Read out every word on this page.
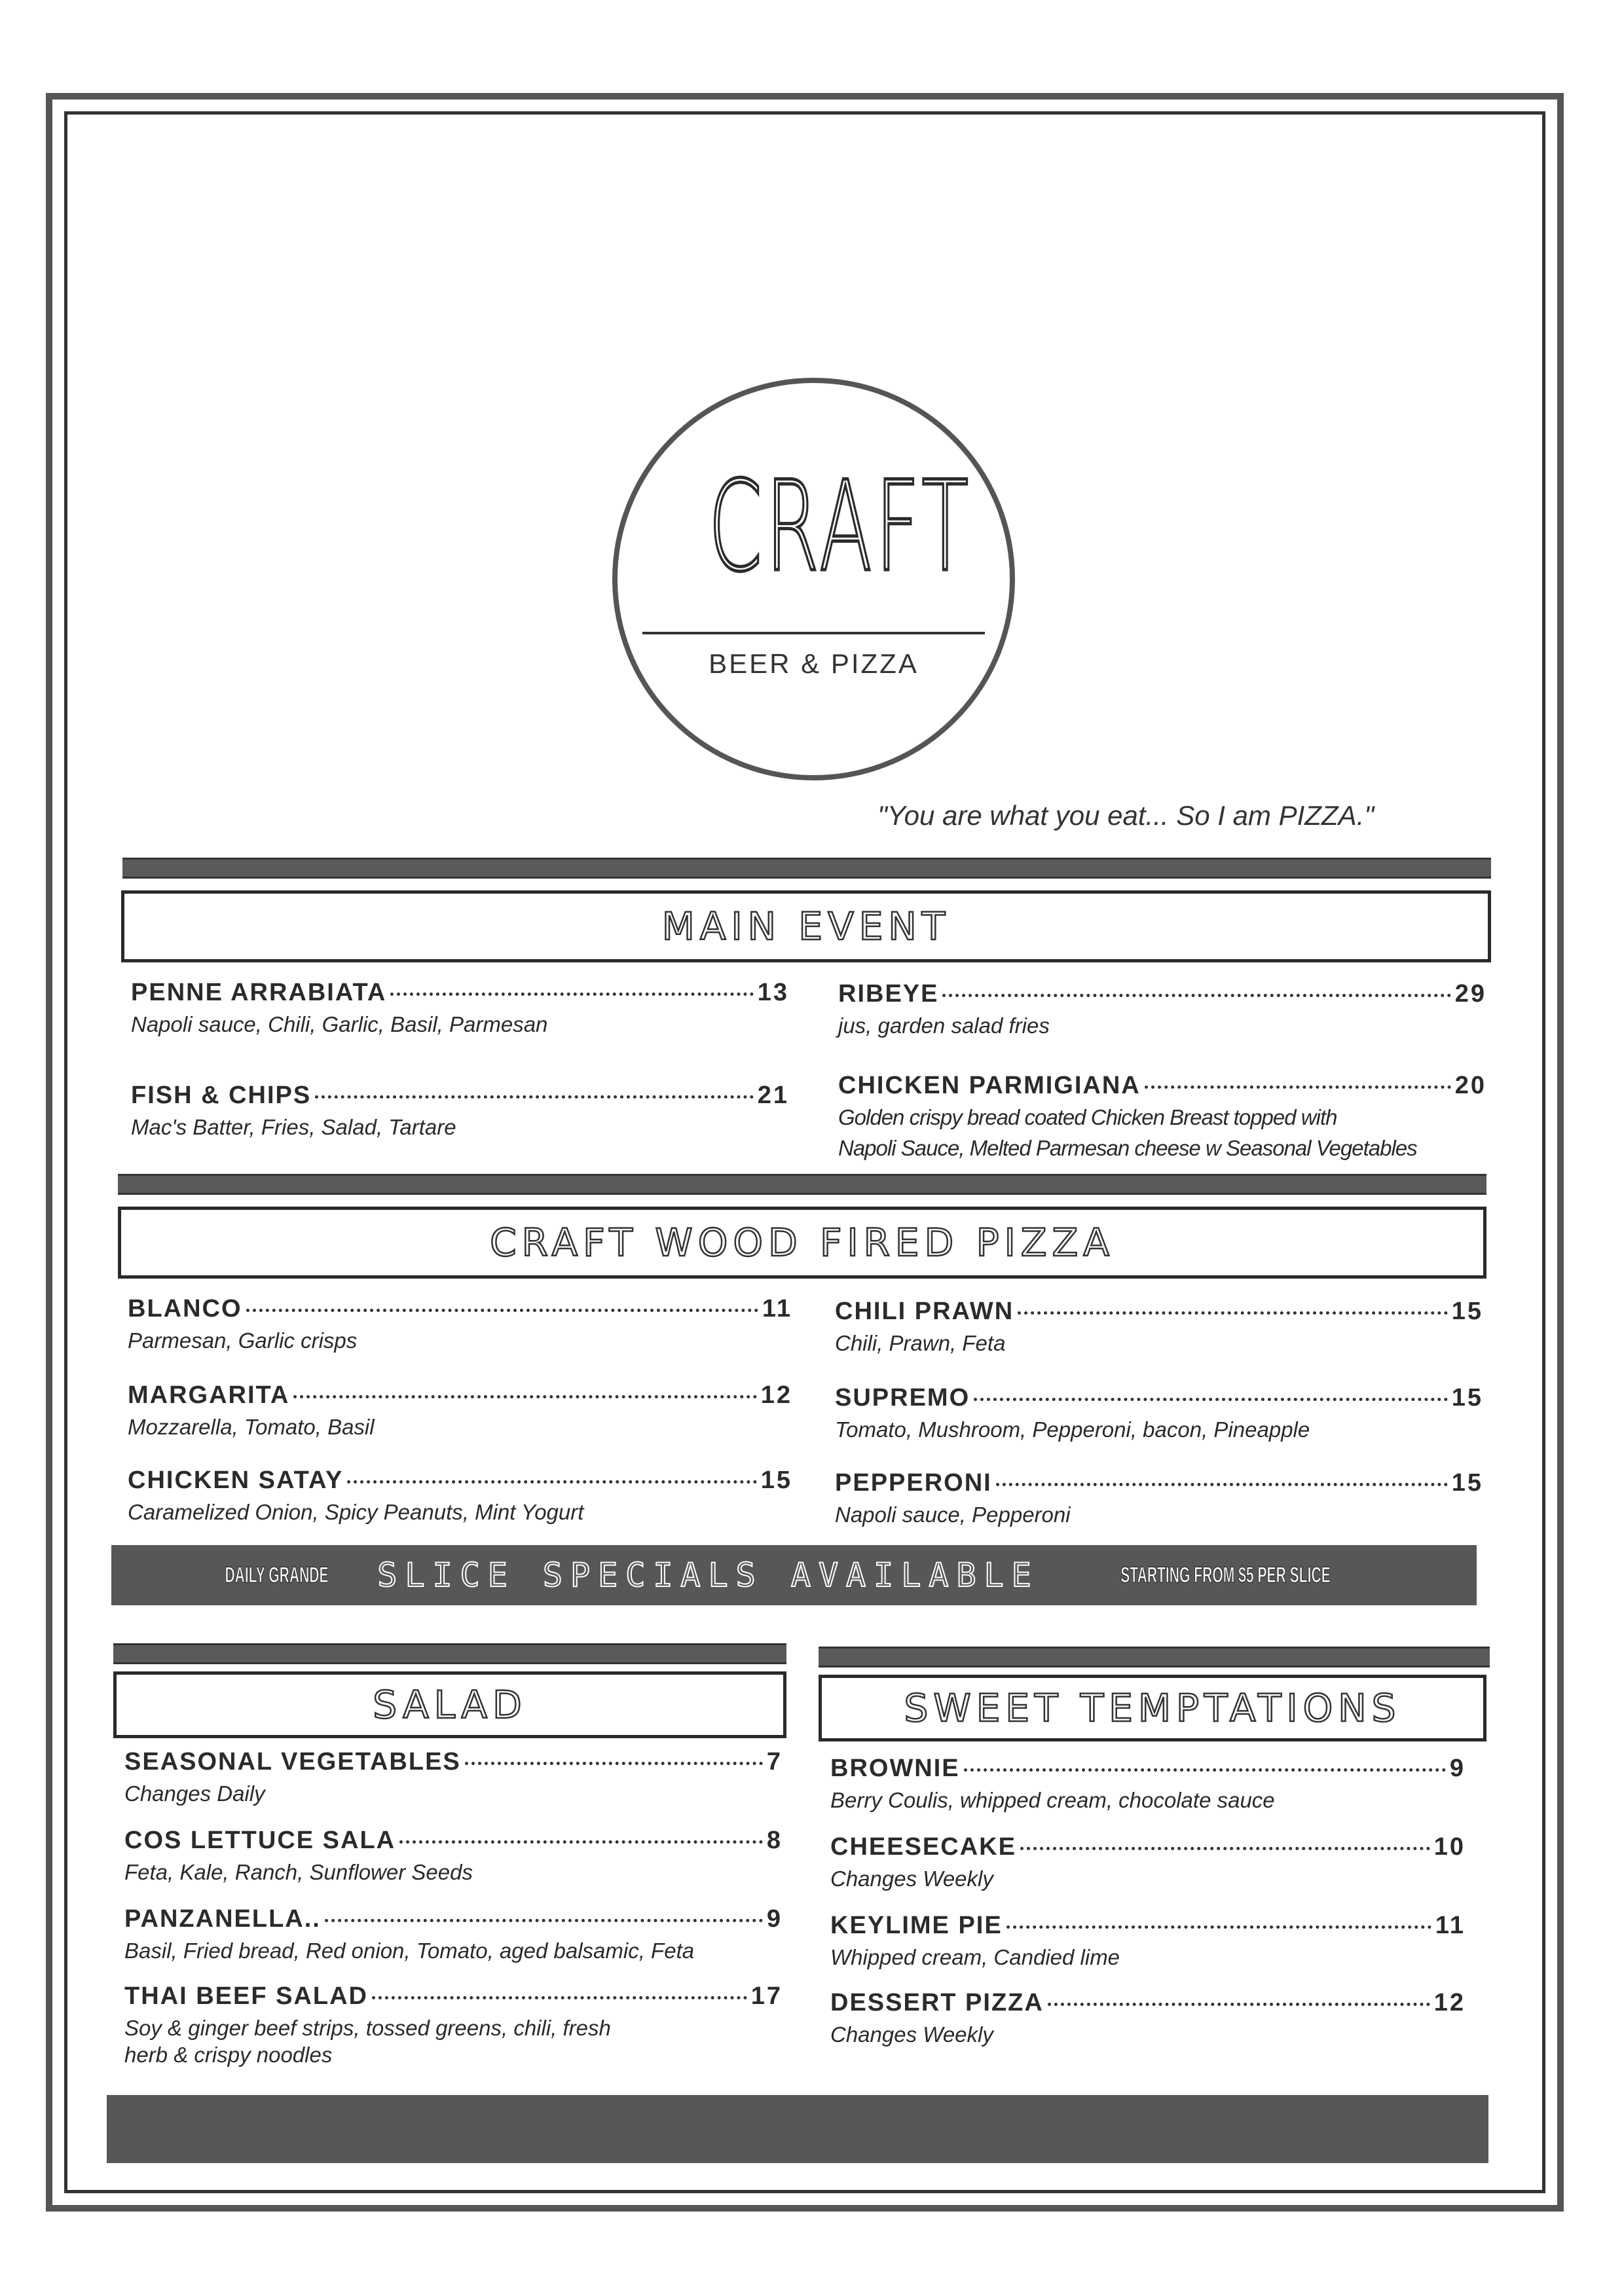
CRAFT
BEER & PIZZA
"You are what you eat... So I am PIZZA."
MAIN EVENT
PENNE ARRABIATA	13
Napoli sauce, Chili, Garlic, Basil, Parmesan
FISH & CHIPS	21
Mac's Batter, Fries, Salad, Tartare
RIBEYE	29
jus, garden salad fries
CHICKEN PARMIGIANA	20
Golden crispy bread coated Chicken Breast topped with
Napoli Sauce, Melted Parmesan cheese w Seasonal Vegetables
CRAFT WOOD FIRED PIZZA
BLANCO	11
Parmesan, Garlic crisps
MARGARITA	12
Mozzarella, Tomato, Basil
CHICKEN SATAY	15
Caramelized Onion, Spicy Peanuts, Mint Yogurt
CHILI PRAWN	15
Chili, Prawn, Feta
SUPREMO	15
Tomato, Mushroom, Pepperoni, bacon, Pineapple
PEPPERONI	15
Napoli sauce, Pepperoni
DAILY GRANDE SLICE SPECIALS AVAILABLE	STARTING FROM $5 PER SLICE
SALAD
SEASONAL VEGETABLES	7
Changes Daily
COS LETTUCE SALA	8
Feta, Kale, Ranch, Sunflower Seeds
PANZANELLA..	9
Basil, Fried bread, Red onion, Tomato, aged balsamic, Feta
THAI BEEF SALAD	17
Soy & ginger beef strips, tossed greens, chili, fresh
herb & crispy noodles
SWEET TEMPTATIONS
BROWNIE	9
Berry Coulis, whipped cream, chocolate sauce
CHEESECAKE	10
Changes Weekly
KEYLIME PIE	11
Whipped cream, Candied lime
DESSERT PIZZA	12
Changes Weekly
